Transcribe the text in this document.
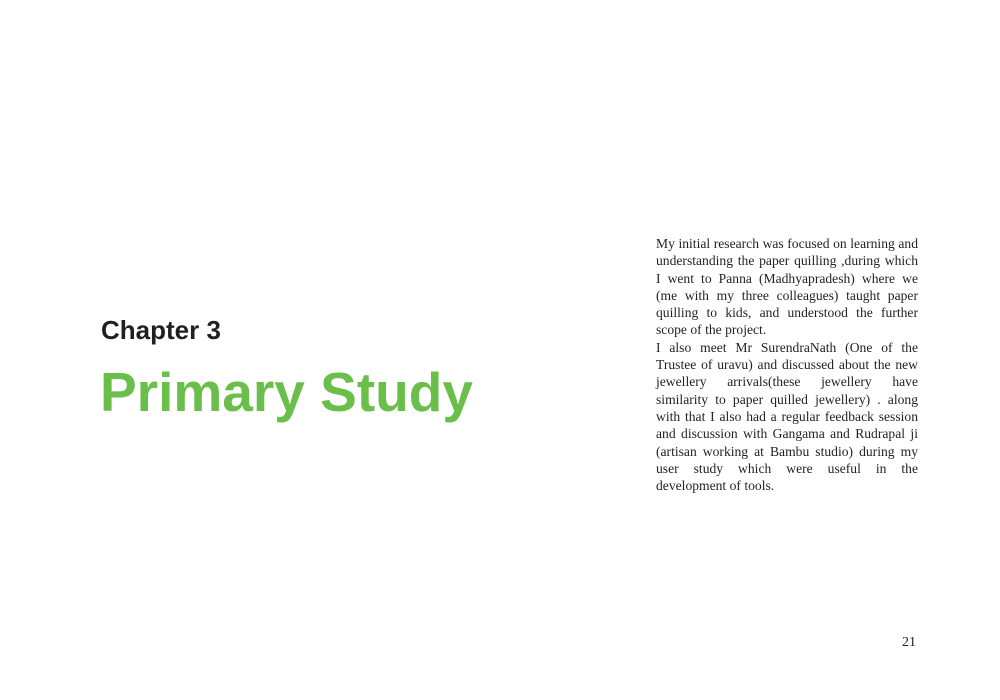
Chapter 3
Primary Study

My initial research was focused on learning and understanding the paper quilling ,during which I went to Panna (Madhyapradesh) where we (me with my three colleagues) taught paper quilling to kids, and understood the further scope of the project.

I also meet Mr SurendraNath (One of the Trustee of uravu) and discussed about the new jewellery arrivals(these jewellery have similarity to paper quilled jewellery) . along with that I also had a regular feedback session and discussion with Gangama and Rudrapal ji (artisan working at Bambu studio) during my user study which were useful in the development of tools.

21
